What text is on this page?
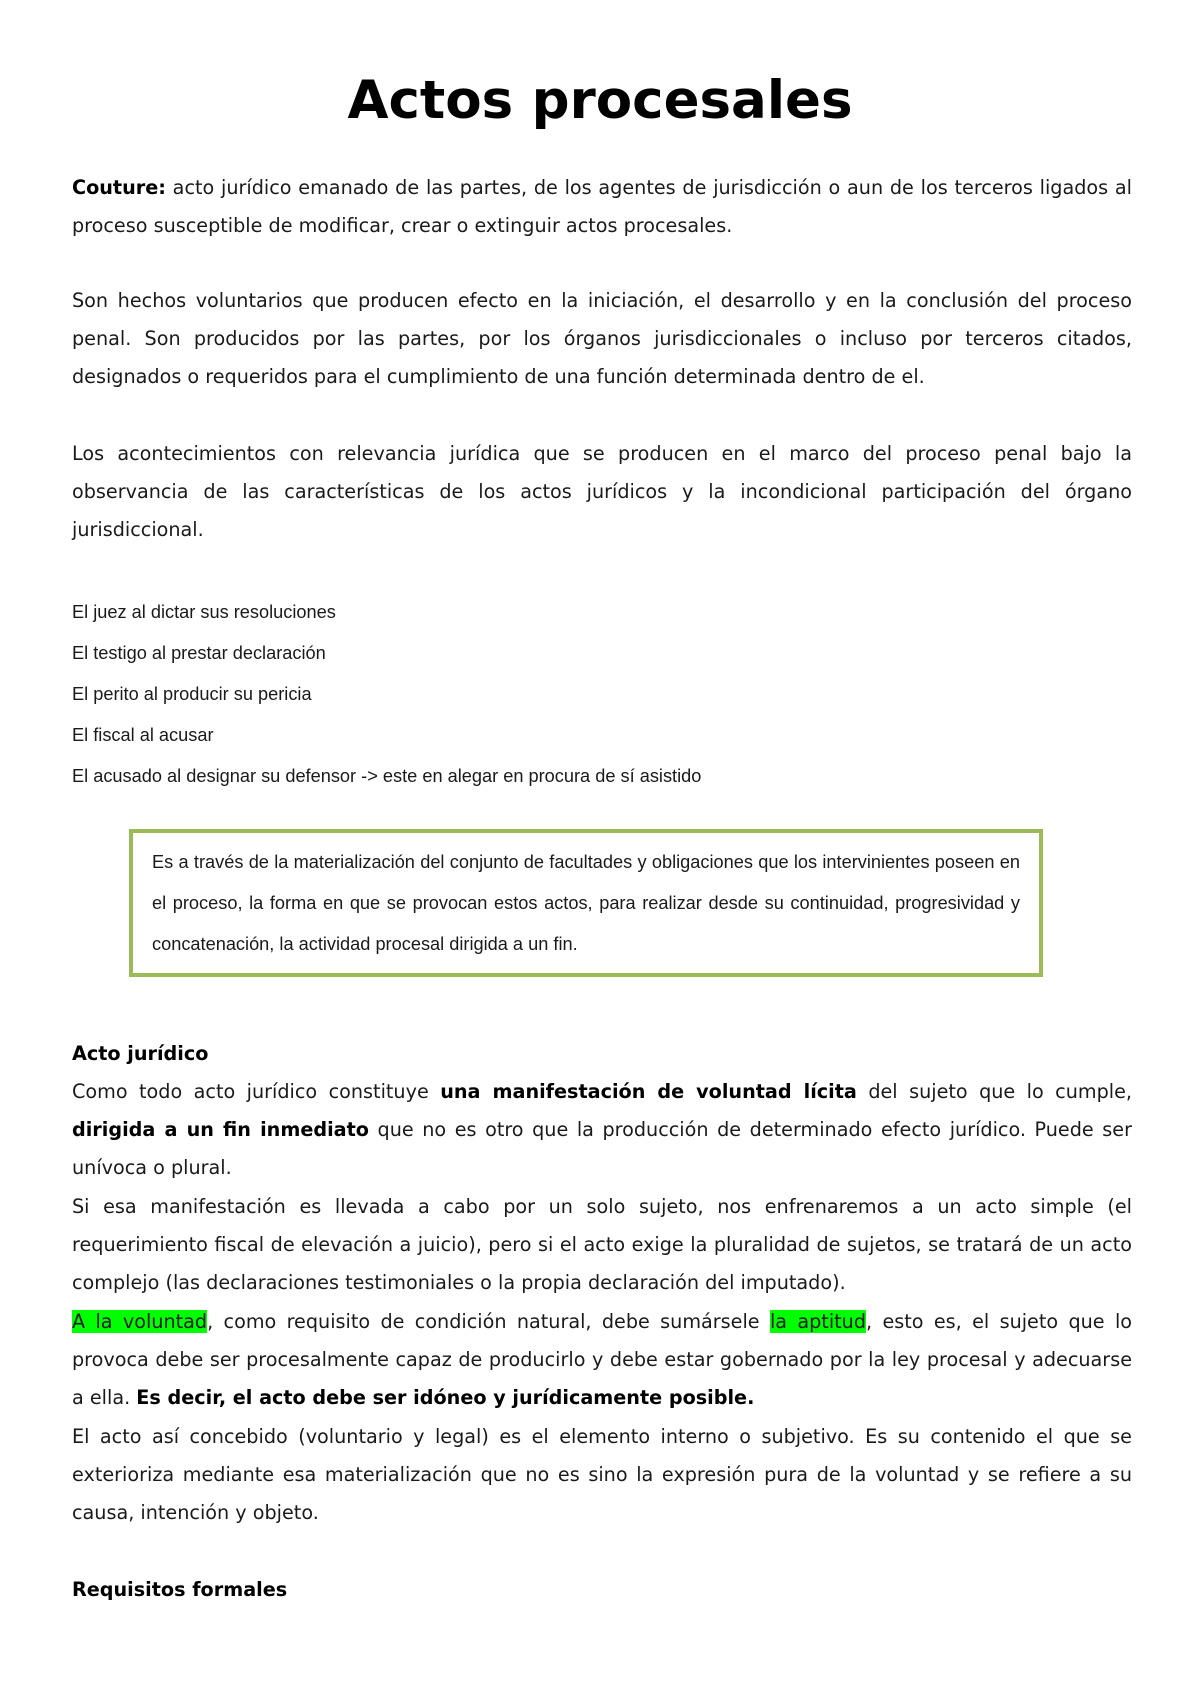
Actos procesales

Couture: acto jurídico emanado de las partes, de los agentes de jurisdicción o aun de los terceros ligados al proceso susceptible de modificar, crear o extinguir actos procesales.

Son hechos voluntarios que producen efecto en la iniciación, el desarrollo y en la conclusión del proceso penal. Son producidos por las partes, por los órganos jurisdiccionales o incluso por terceros citados, designados o requeridos para el cumplimiento de una función determinada dentro de el.

Los acontecimientos con relevancia jurídica que se producen en el marco del proceso penal bajo la observancia de las características de los actos jurídicos y la incondicional participación del órgano jurisdiccional.

El juez al dictar sus resoluciones
El testigo al prestar declaración
El perito al producir su pericia
El fiscal al acusar
El acusado al designar su defensor -> este en alegar en procura de sí asistido

Es a través de la materialización del conjunto de facultades y obligaciones que los intervinientes poseen en el proceso, la forma en que se provocan estos actos, para realizar desde su continuidad, progresividad y concatenación, la actividad procesal dirigida a un fin.

Acto jurídico

Como todo acto jurídico constituye una manifestación de voluntad lícita del sujeto que lo cumple, dirigida a un fin inmediato que no es otro que la producción de determinado efecto jurídico. Puede ser unívoca o plural.

Si esa manifestación es llevada a cabo por un solo sujeto, nos enfrenaremos a un acto simple (el requerimiento fiscal de elevación a juicio), pero si el acto exige la pluralidad de sujetos, se tratará de un acto complejo (las declaraciones testimoniales o la propia declaración del imputado).

A la voluntad, como requisito de condición natural, debe sumársele la aptitud, esto es, el sujeto que lo provoca debe ser procesalmente capaz de producirlo y debe estar gobernado por la ley procesal y adecuarse a ella. Es decir, el acto debe ser idóneo y jurídicamente posible.

El acto así concebido (voluntario y legal) es el elemento interno o subjetivo. Es su contenido el que se exterioriza mediante esa materialización que no es sino la expresión pura de la voluntad y se refiere a su causa, intención y objeto.

Requisitos formales
